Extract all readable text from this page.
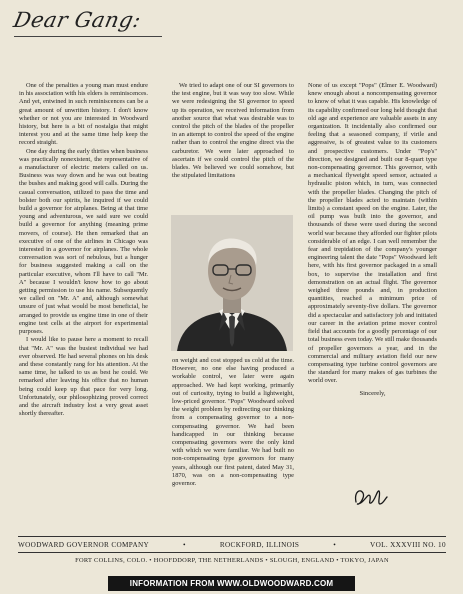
Dear Gang:

One of the penalties a young man must endure in his association with his elders is reminiscences. And yet, entwined in such reminiscences can be a great amount of unwritten history. I don't know whether or not you are interested in Woodward history, but here is a bit of nostalgia that might interest you and at the same time help keep the record straight.

One day during the early thirties when business was practically nonexistent, the representative of a manufacturer of electric meters called on us. Business was way down and he was out beating the bushes and making good will calls. During the casual conversation, utilized to pass the time and bolster both our spirits, he inquired if we could build a governor for airplanes. Being at that time young and adventurous, we said sure we could build a governor for anything (meaning prime movers, of course). He then remarked that an executive of one of the airlines in Chicago was interested in a governor for airplanes. The whole conversation was sort of nebulous, but a hunger for business suggested making a call on the particular executive, whom I'll have to call "Mr. A" because I wouldn't know how to go about getting permission to use his name. Subsequently we called on "Mr. A" and, although somewhat unsure of just what would be most beneficial, he arranged to provide us engine time in one of their engine test cells at the airport for experimental purposes.

I would like to pause here a moment to recall that "Mr. A" was the busiest individual we had ever observed. He had several phones on his desk and these constantly rang for his attention. At the same time, he talked to us as best he could. We remarked after leaving his office that no human being could keep up that pace for very long. Unfortunately, our philosophizing proved correct and the aircraft industry lost a very great asset shortly thereafter.

We tried to adapt one of our SI governors to the test engine, but it was way too slow. While we were redesigning the SI governor to speed up its operation, we received information from another source that what was desirable was to control the pitch of the blades of the propeller in an attempt to control the speed of the engine rather than to control the engine direct via the carburetor. We were later approached to ascertain if we could control the pitch of the blades. We believed we could somehow, but the stipulated limitations

on weight and cost stopped us cold at the time. However, no one else having produced a workable control, we later were again approached. We had kept working, primarily out of curiosity, trying to build a lightweight, low-priced governor. "Pops" Woodward solved the weight problem by redirecting our thinking from a compensating governor to a non-compensating governor. We had been handicapped in our thinking because compensating governors were the only kind with which we were familiar. We had built no non-compensating type governors for many years, although our first patent, dated May 31, 1870, was on a non-compensating type governor.

None of us except "Pops" (Elmer E. Woodward) knew enough about a noncompensating governor to know of what it was capable. His knowledge of its capability confirmed our long held thought that old age and experience are valuable assets in any organization. It incidentally also confirmed our feeling that a seasoned company, if virile and aggressive, is of greatest value to its customers and prospective customers. Under "Pop's" direction, we designed and built our 8-quart type non-compensating governor. This governor, with a mechanical flyweight speed sensor, actuated a hydraulic piston which, in turn, was connected with the propeller blades. Changing the pitch of the propeller blades acted to maintain (within limits) a constant speed on the engine. Later, the oil pump was built into the governor, and thousands of these were used during the second world war because they afforded our fighter pilots considerable of an edge. I can well remember the fear and trepidation of the company's younger engineering talent the date "Pops" Woodward left here, with his first governor packaged in a small box, to supervise the installation and first demonstration on an actual flight. The governor weighed three pounds and, in production quantities, reached a minimum price of approximately seventy-five dollars. The governor did a spectacular and satisfactory job and initiated our career in the aviation prime mover control field that accounts for a goodly percentage of our total business even today. We still make thousands of propeller governors a year, and in the commercial and military aviation field our new compensating type turbine control governors are the standard for many makes of gas turbines the world over.

Sincerely,
WOODWARD GOVERNOR COMPANY	•	ROCKFORD, ILLINOIS	•	VOL. XXXVIII NO. 10
FORT COLLINS, COLO. • HOOFDDORP, THE NETHERLANDS • SLOUGH, ENGLAND • TOKYO, JAPAN
INFORMATION FROM WWW.OLDWOODWARD.COM
